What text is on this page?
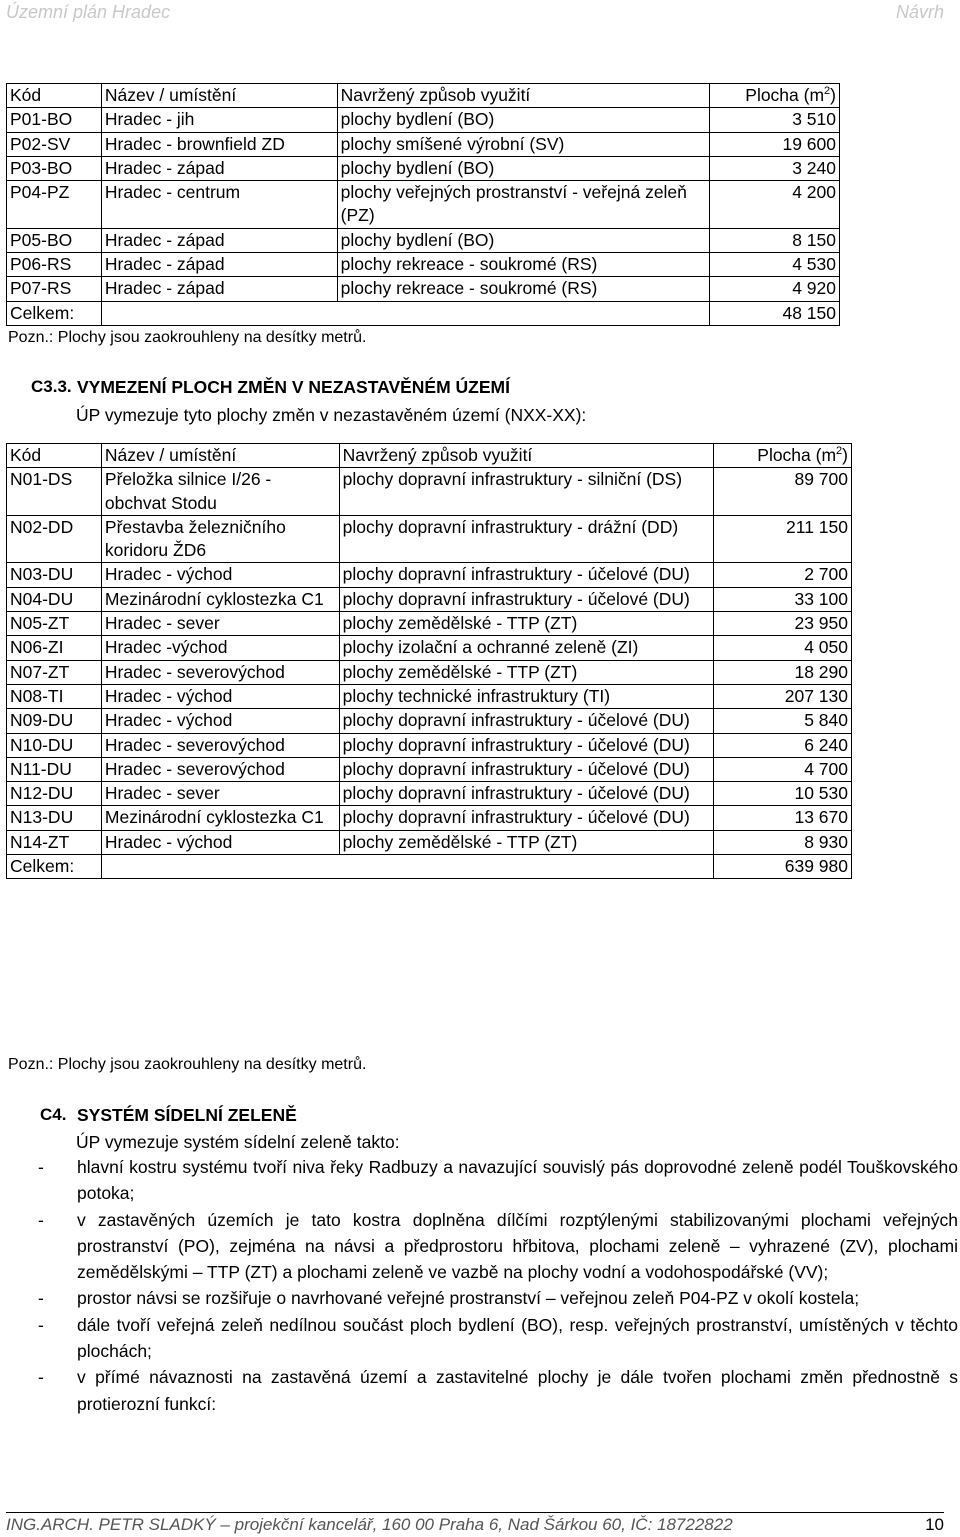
Územní plán Hradec	Návrh
Kód	Název / umístění	Navržený způsob využití	Plocha $(m^2)$
P01-BO	Hradec - jih	plochy bydlení (BO)	3 510
P02-SV	Hradec - brownfield ZD	plochy smíšené výrobní (SV)	19 600
P03-BO	Hradec - západ	plochy bydlení (BO)	3 240
P04-PZ	Hradec - centrum	plochy veřejných prostranství - veřejná zeleň (PZ)	4 200
P05-BO	Hradec - západ	plochy bydlení (BO)	8 150
P06-RS	Hradec - západ	plochy rekreace - soukromé (RS)	4 530
P07-RS	Hradec - západ	plochy rekreace - soukromé (RS)	4 920
Celkem:			48 150
Pozn.: Plochy jsou zaokrouhleny na desítky metrů.
C3.3. VYMEZENÍ PLOCH ZMĚN V NEZASTAVĚNÉM ÚZEMÍ
ÚP vymezuje tyto plochy změn v nezastavěném území (NXX-XX):
Kód	Název / umístění	Navržený způsob využití	Plocha $(m^2)$
N01-DS	Přeložka silnice I/26 - obchvat Stodu	plochy dopravní infrastruktury - silniční (DS)	89 700
N02-DD	Přestavba železničního koridoru ŽD6	plochy dopravní infrastruktury - drážní (DD)	211 150
N03-DU	Hradec - východ	plochy dopravní infrastruktury - účelové (DU)	2 700
N04-DU	Mezinárodní cyklostezka C1	plochy dopravní infrastruktury - účelové (DU)	33 100
N05-ZT	Hradec - sever	plochy zemědělské - TTP (ZT)	23 950
N06-ZI	Hradec -východ	plochy izolační a ochranné zeleně (ZI)	4 050
N07-ZT	Hradec - severovýchod	plochy zemědělské - TTP (ZT)	18 290
N08-TI	Hradec - východ	plochy technické infrastruktury (TI)	207 130
N09-DU	Hradec - východ	plochy dopravní infrastruktury - účelové (DU)	5 840
N10-DU	Hradec - severovýchod	plochy dopravní infrastruktury - účelové (DU)	6 240
N11-DU	Hradec - severovýchod	plochy dopravní infrastruktury - účelové (DU)	4 700
N12-DU	Hradec - sever	plochy dopravní infrastruktury - účelové (DU)	10 530
N13-DU	Mezinárodní cyklostezka C1	plochy dopravní infrastruktury - účelové (DU)	13 670
N14-ZT	Hradec - východ	plochy zemědělské - TTP (ZT)	8 930
Celkem:			639 980
Pozn.: Plochy jsou zaokrouhleny na desítky metrů.
C4. SYSTÉM SÍDELNÍ ZELENĚ
ÚP vymezuje systém sídelní zeleně takto:
- hlavní kostru systému tvoří niva řeky Radbuzy a navazující souvislý pás doprovodné zeleně podél Touškovského potoka;
- v zastavěných územích je tato kostra doplněna dílčími rozptýlenými stabilizovanými plochami veřejných prostranství (PO), zejména na návsi a předprostoru hřbitova, plochami zeleně – vyhrazené (ZV), plochami zemědělskými – TTP (ZT) a plochami zeleně ve vazbě na plochy vodní a vodohospodářské (VV);
- prostor návsi se rozšiřuje o navrhované veřejné prostranství – veřejnou zeleň P04-PZ v okolí kostela;
- dále tvoří veřejná zeleň nedílnou součást ploch bydlení (BO), resp. veřejných prostranství, umístěných v těchto plochách;
- v přímé návaznosti na zastavěná území a zastavitelné plochy je dále tvořen plochami změn přednostně s protierozní funkcí:
ING.ARCH. PETR SLADKÝ – projekční kancelář, 160 00 Praha 6, Nad Šárkou 60, IČ: 18722822	10
